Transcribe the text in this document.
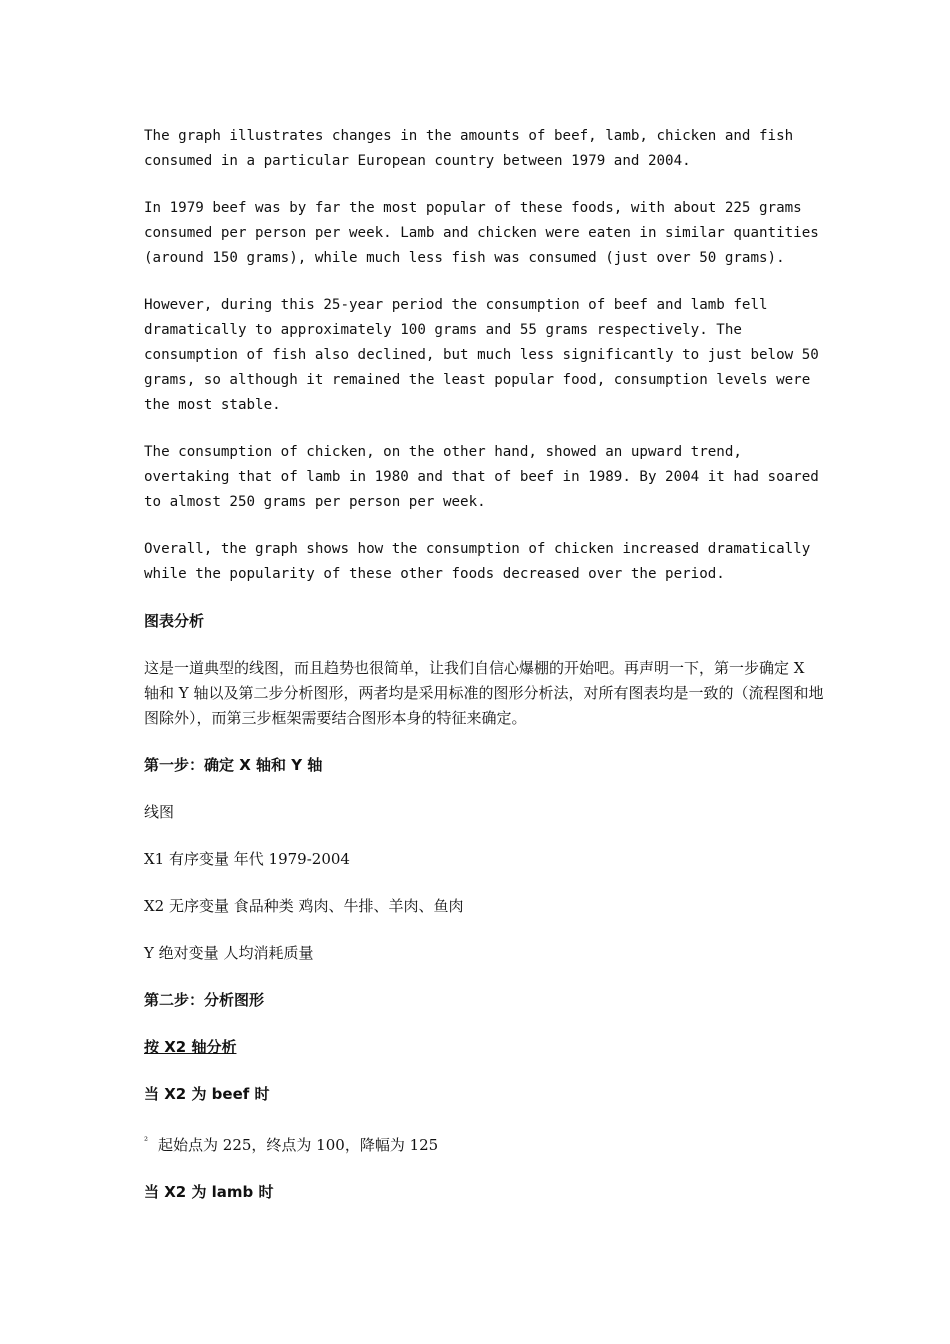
The graph illustrates changes in the amounts of beef, lamb, chicken and fish
consumed in a particular European country between 1979 and 2004.

In 1979 beef was by far the most popular of these foods, with about 225 grams
consumed per person per week. Lamb and chicken were eaten in similar quantities
(around 150 grams), while much less fish was consumed (just over 50 grams).

However, during this 25-year period the consumption of beef and lamb fell
dramatically to approximately 100 grams and 55 grams respectively. The
consumption of fish also declined, but much less significantly to just below 50
grams, so although it remained the least popular food, consumption levels were
the most stable.

The consumption of chicken, on the other hand, showed an upward trend,
overtaking that of lamb in 1980 and that of beef in 1989. By 2004 it had soared
to almost 250 grams per person per week.

Overall, the graph shows how the consumption of chicken increased dramatically
while the popularity of these other foods decreased over the period.

图表分析

这是一道典型的线图，而且趋势也很简单，让我们自信心爆棚的开始吧。再声明一下，第一步确定 X 轴和 Y 轴以及第二步分析图形，两者均是采用标准的图形分析法，对所有图表均是一致的（流程图和地图除外），而第三步框架需要结合图形本身的特征来确定。

第一步：确定 X 轴和 Y 轴

线图

X1 有序变量 年代 1979-2004

X2 无序变量 食品种类 鸡肉、牛排、羊肉、鱼肉

Y 绝对变量 人均消耗质量

第二步：分析图形

按 X2 轴分析

当 X2 为 beef 时

$^{^2}$ 起始点为 225，终点为 100，降幅为 125

当 X2 为 lamb 时
